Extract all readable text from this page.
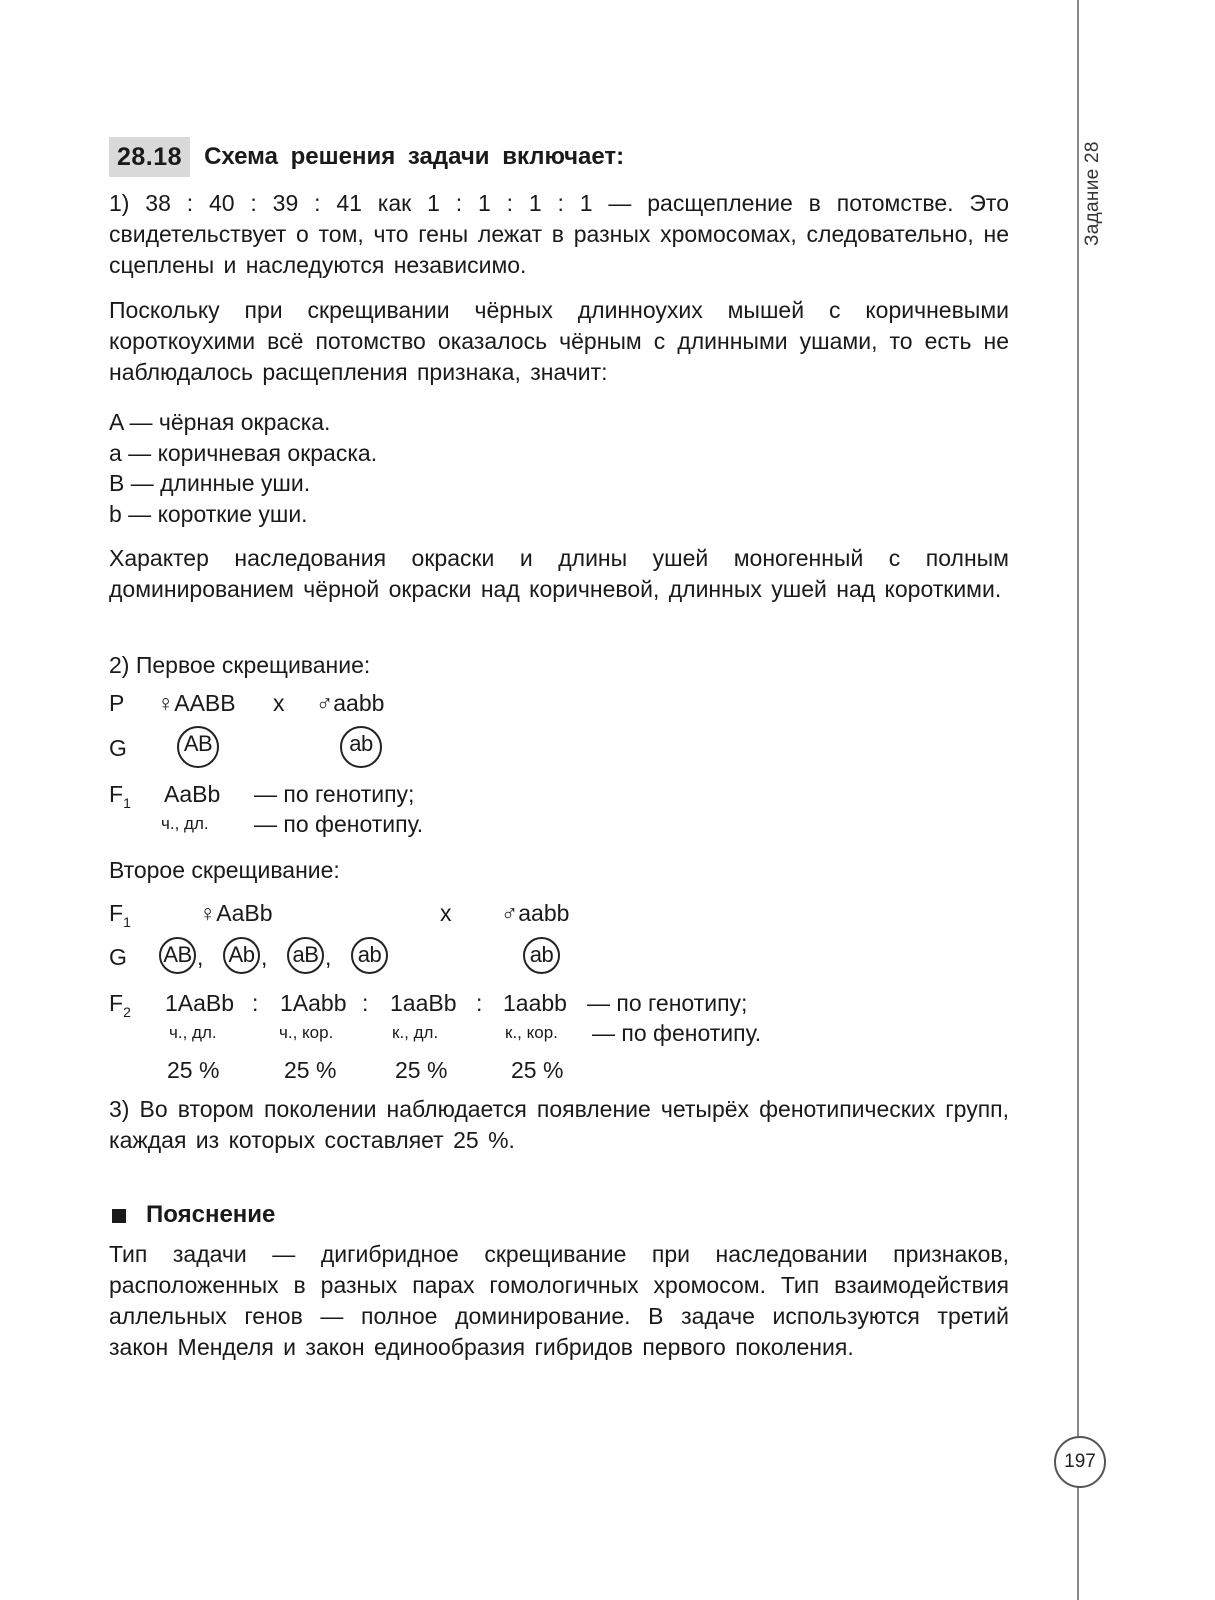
Задание 28
197
28.18 Схема решения задачи включает:
1) 38 : 40 : 39 : 41 как 1 : 1 : 1 : 1 — расщепление в потомстве. Это свидетельствует о том, что гены лежат в разных хромосомах, следовательно, не сцеплены и наследуются независимо.
Поскольку при скрещивании чёрных длинноухих мышей с коричневыми короткоухими всё потомство оказалось чёрным с длинными ушами, то есть не наблюдалось расщепления признака, значит:
A — чёрная окраска.
a — коричневая окраска.
B — длинные уши.
b — короткие уши.
Характер наследования окраски и длины ушей моногенный с полным доминированием чёрной окраски над коричневой, длинных ушей над короткими.
2) Первое скрещивание:
P ♀AABB x ♂aabb
G	AB	ab
$F_1$ AaBb — по генотипу;
ч., дл. — по фенотипу.
Второе скрещивание:
$F_1$	♀AaBb	x ♂aabb
G AB , Ab , aB ,	ab	ab
$F_2$ 1AaBb : 1Aabb : 1aaBb : 1aabb — по генотипу;
ч., дл.	ч., кор.	к., дл.	к., кор. — по фенотипу.
25 %	25 %	25 %	25 %
3) Во втором поколении наблюдается появление четырёх фенотипических групп, каждая из которых составляет 25 %.
Пояснение
Тип задачи — дигибридное скрещивание при наследовании признаков, расположенных в разных парах гомологичных хромосом. Тип взаимодействия аллельных генов — полное доминирование. В задаче используются третий закон Менделя и закон единообразия гибридов первого поколения.
